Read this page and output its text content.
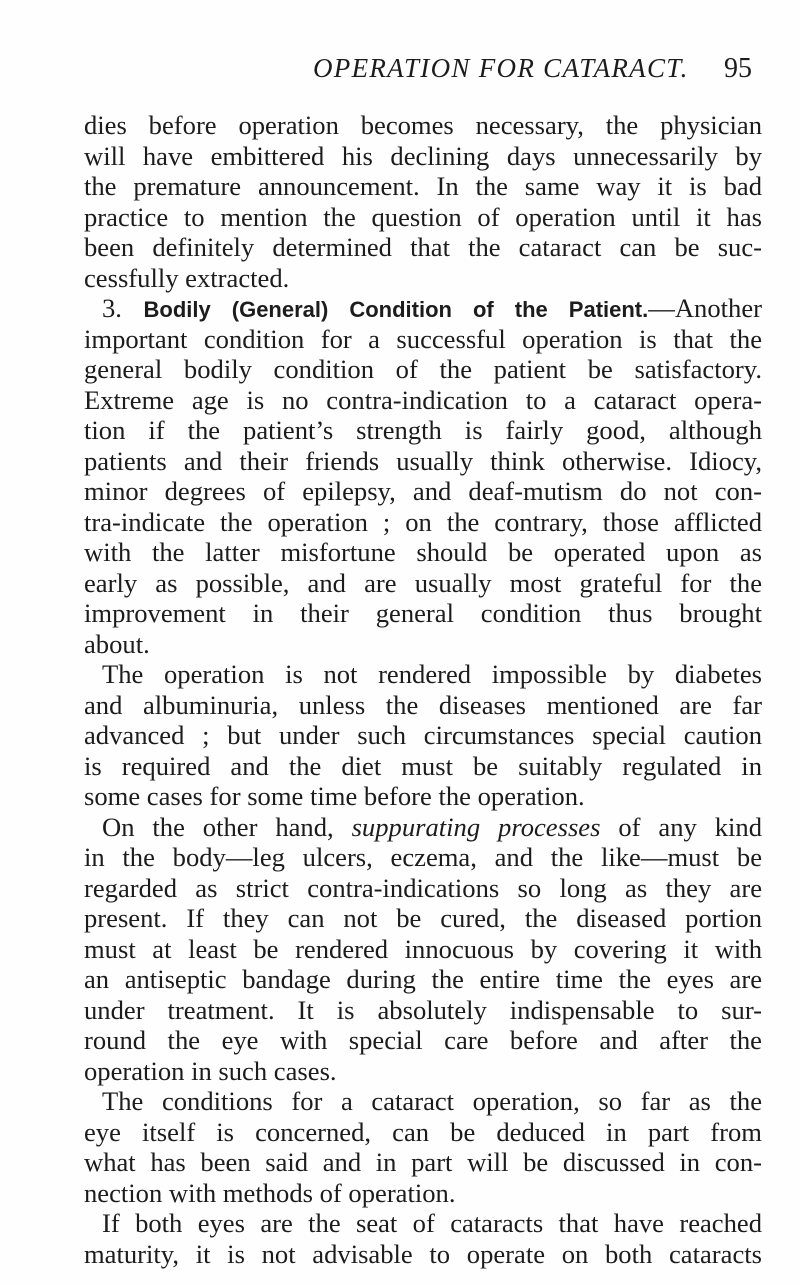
OPERATION FOR CATARACT. 95
dies before operation becomes necessary, the physician
will have embittered his declining days unnecessarily by
the premature announcement. In the same way it is bad
practice to mention the question of operation until it has
been definitely determined that the cataract can be suc-
cessfully extracted.
3. Bodily (General) Condition of the Patient.—Another
important condition for a successful operation is that the
general bodily condition of the patient be satisfactory.
Extreme age is no contra-indication to a cataract opera-
tion if the patient’s strength is fairly good, although
patients and their friends usually think otherwise. Idiocy,
minor degrees of epilepsy, and deaf-mutism do not con-
tra-indicate the operation ; on the contrary, those afflicted
with the latter misfortune should be operated upon as
early as possible, and are usually most grateful for the
improvement in their general condition thus brought
about.
The operation is not rendered impossible by diabetes
and albuminuria, unless the diseases mentioned are far
advanced ; but under such circumstances special caution
is required and the diet must be suitably regulated in
some cases for some time before the operation.
On the other hand, suppurating processes of any kind
in the body—leg ulcers, eczema, and the like—must be
regarded as strict contra-indications so long as they are
present. If they can not be cured, the diseased portion
must at least be rendered innocuous by covering it with
an antiseptic bandage during the entire time the eyes are
under treatment. It is absolutely indispensable to sur-
round the eye with special care before and after the
operation in such cases.
The conditions for a cataract operation, so far as the
eye itself is concerned, can be deduced in part from
what has been said and in part will be discussed in con-
nection with methods of operation.
If both eyes are the seat of cataracts that have reached
maturity, it is not advisable to operate on both cataracts
